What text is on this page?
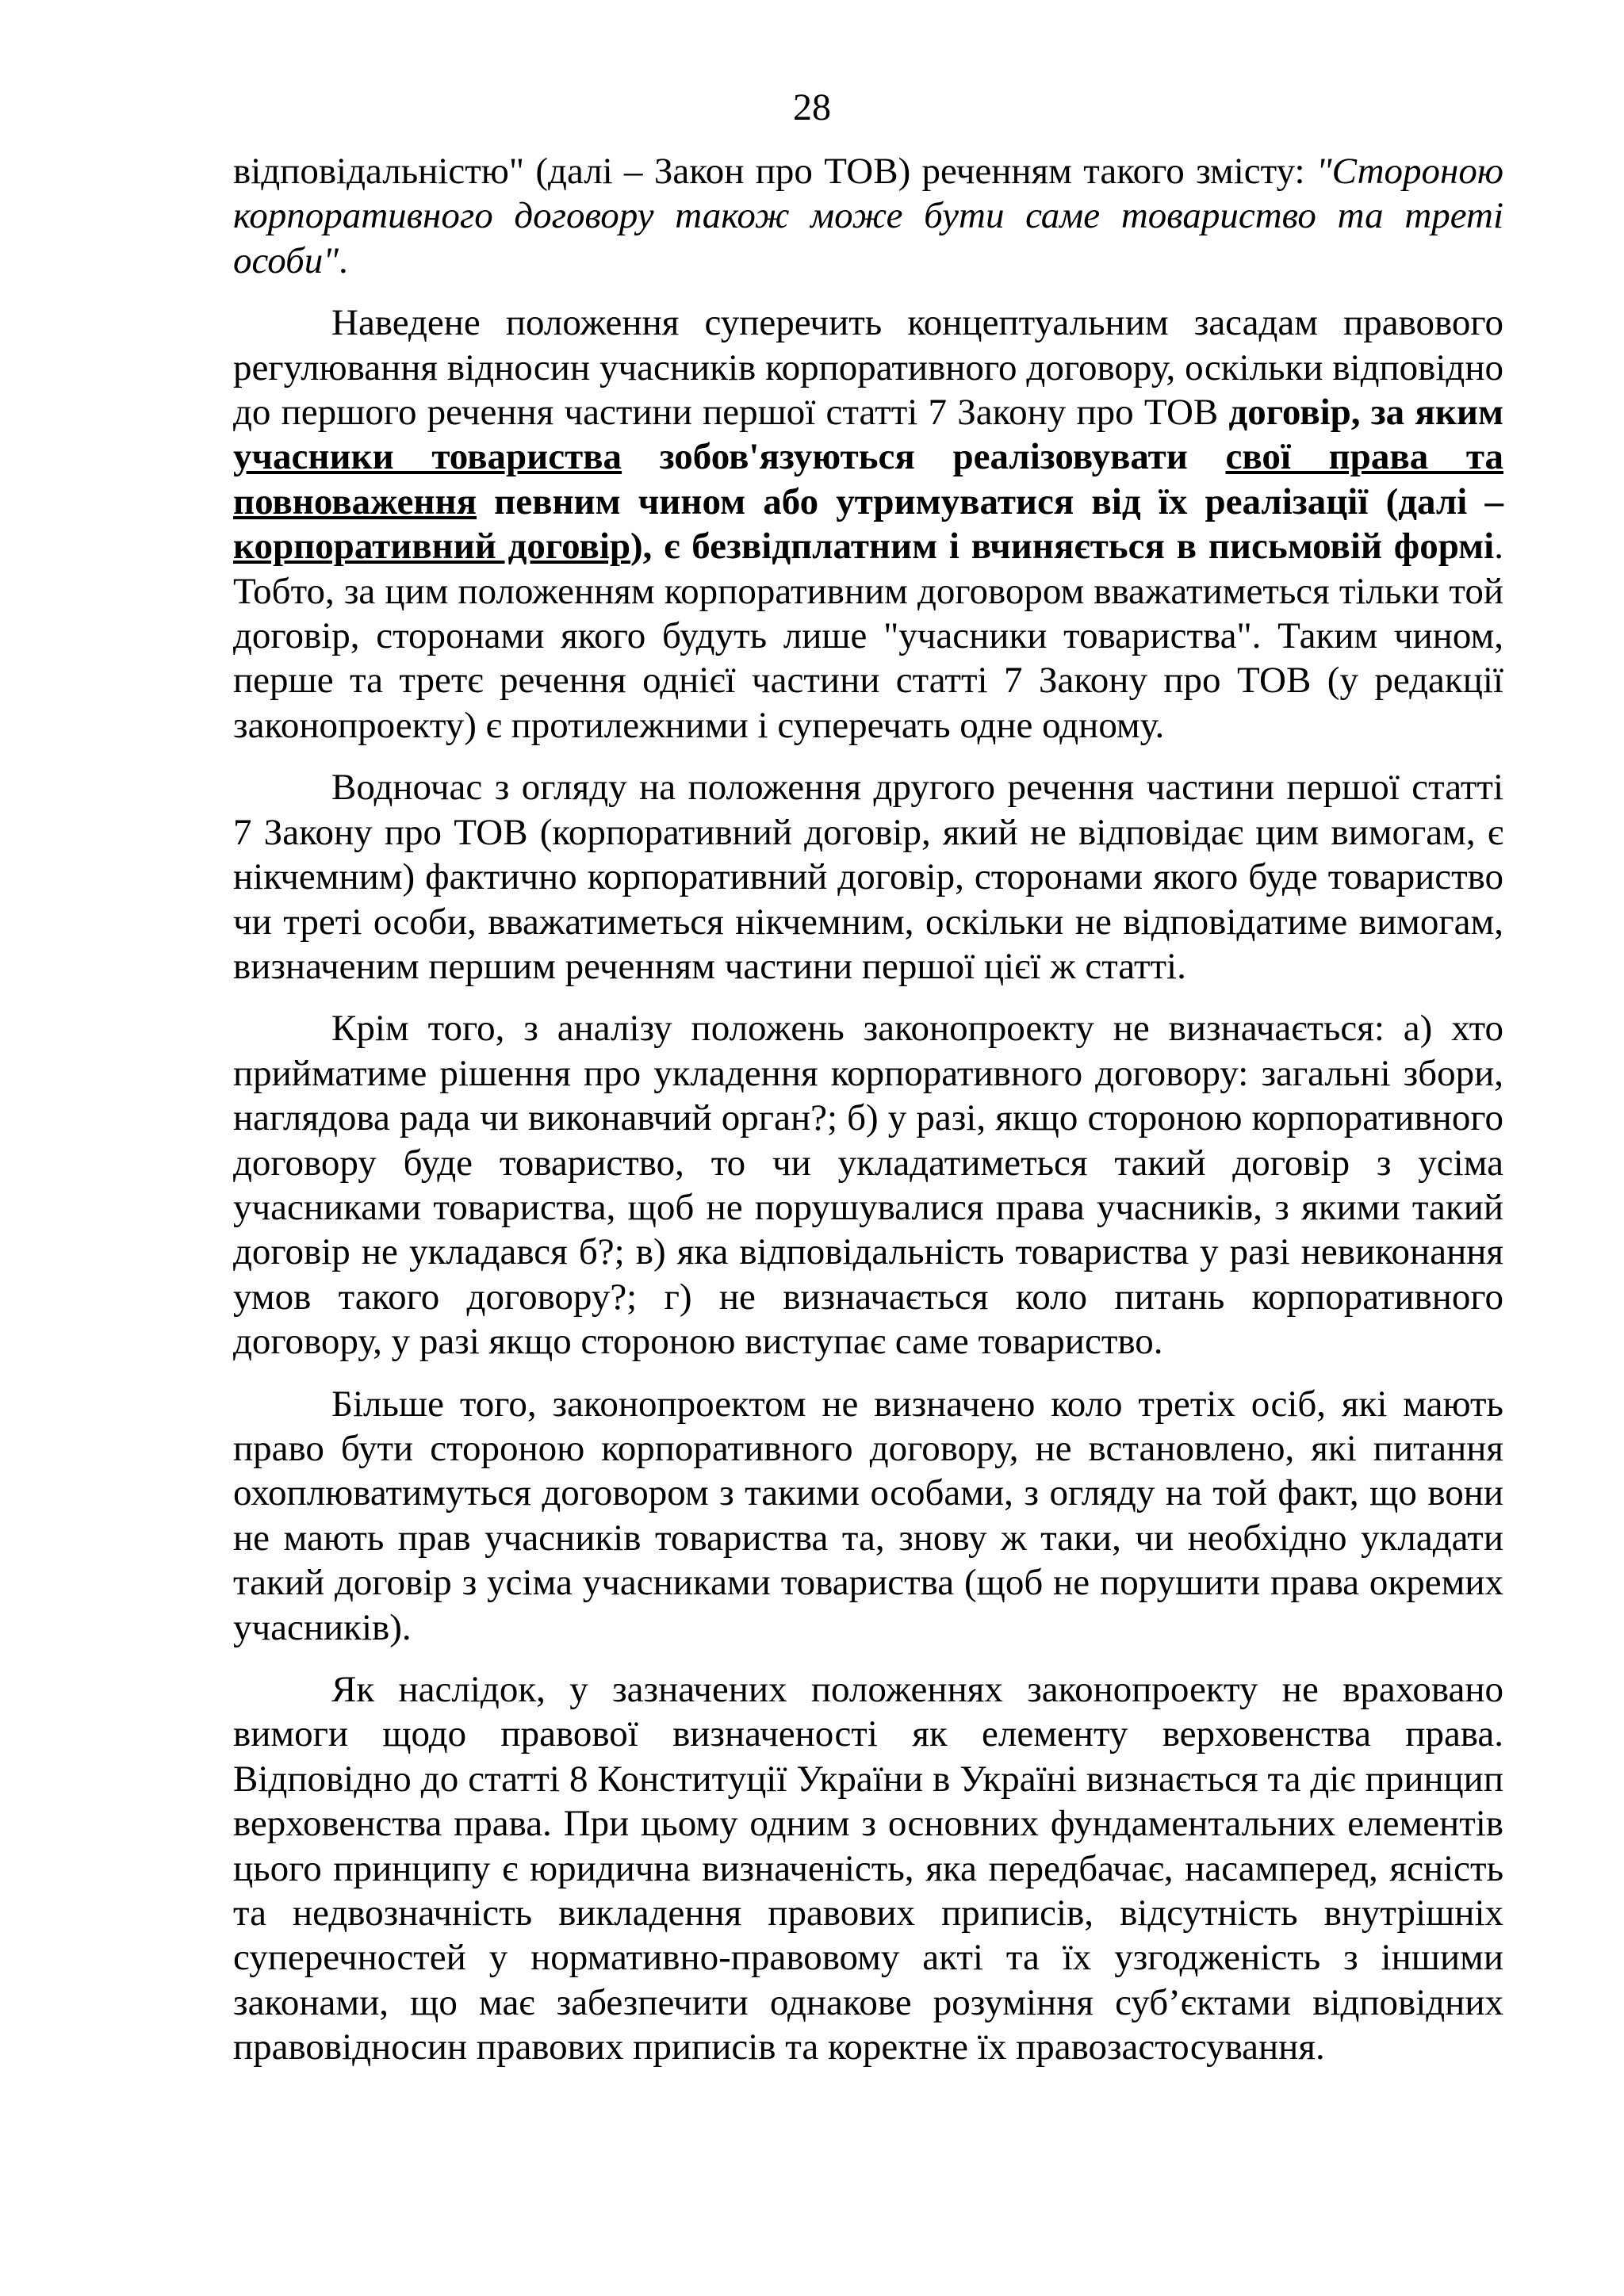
28

відповідальністю" (далі – Закон про ТОВ) реченням такого змісту: "Стороною корпоративного договору також може бути саме товариство та треті особи".

Наведене положення суперечить концептуальним засадам правового регулювання відносин учасників корпоративного договору, оскільки відповідно до першого речення частини першої статті 7 Закону про ТОВ договір, за яким учасники товариства зобов'язуються реалізовувати свої права та повноваження певним чином або утримуватися від їх реалізації (далі – корпоративний договір), є безвідплатним і вчиняється в письмовій формі. Тобто, за цим положенням корпоративним договором вважатиметься тільки той договір, сторонами якого будуть лише "учасники товариства". Таким чином, перше та третє речення однієї частини статті 7 Закону про ТОВ (у редакції законопроекту) є протилежними і суперечать одне одному.

Водночас з огляду на положення другого речення частини першої статті 7 Закону про ТОВ (корпоративний договір, який не відповідає цим вимогам, є нікчемним) фактично корпоративний договір, сторонами якого буде товариство чи треті особи, вважатиметься нікчемним, оскільки не відповідатиме вимогам, визначеним першим реченням частини першої цієї ж статті.

Крім того, з аналізу положень законопроекту не визначається: а) хто прийматиме рішення про укладення корпоративного договору: загальні збори, наглядова рада чи виконавчий орган?; б) у разі, якщо стороною корпоративного договору буде товариство, то чи укладатиметься такий договір з усіма учасниками товариства, щоб не порушувалися права учасників, з якими такий договір не укладався б?; в) яка відповідальність товариства у разі невиконання умов такого договору?; г) не визначається коло питань корпоративного договору, у разі якщо стороною виступає саме товариство.

Більше того, законопроектом не визначено коло третіх осіб, які мають право бути стороною корпоративного договору, не встановлено, які питання охоплюватимуться договором з такими особами, з огляду на той факт, що вони не мають прав учасників товариства та, знову ж таки, чи необхідно укладати такий договір з усіма учасниками товариства (щоб не порушити права окремих учасників).

Як наслідок, у зазначених положеннях законопроекту не враховано вимоги щодо правової визначеності як елементу верховенства права. Відповідно до статті 8 Конституції України в Україні визнається та діє принцип верховенства права. При цьому одним з основних фундаментальних елементів цього принципу є юридична визначеність, яка передбачає, насамперед, ясність та недвозначність викладення правових приписів, відсутність внутрішніх суперечностей у нормативно-правовому акті та їх узгодженість з іншими законами, що має забезпечити однакове розуміння суб’єктами відповідних правовідносин правових приписів та коректне їх правозастосування.
